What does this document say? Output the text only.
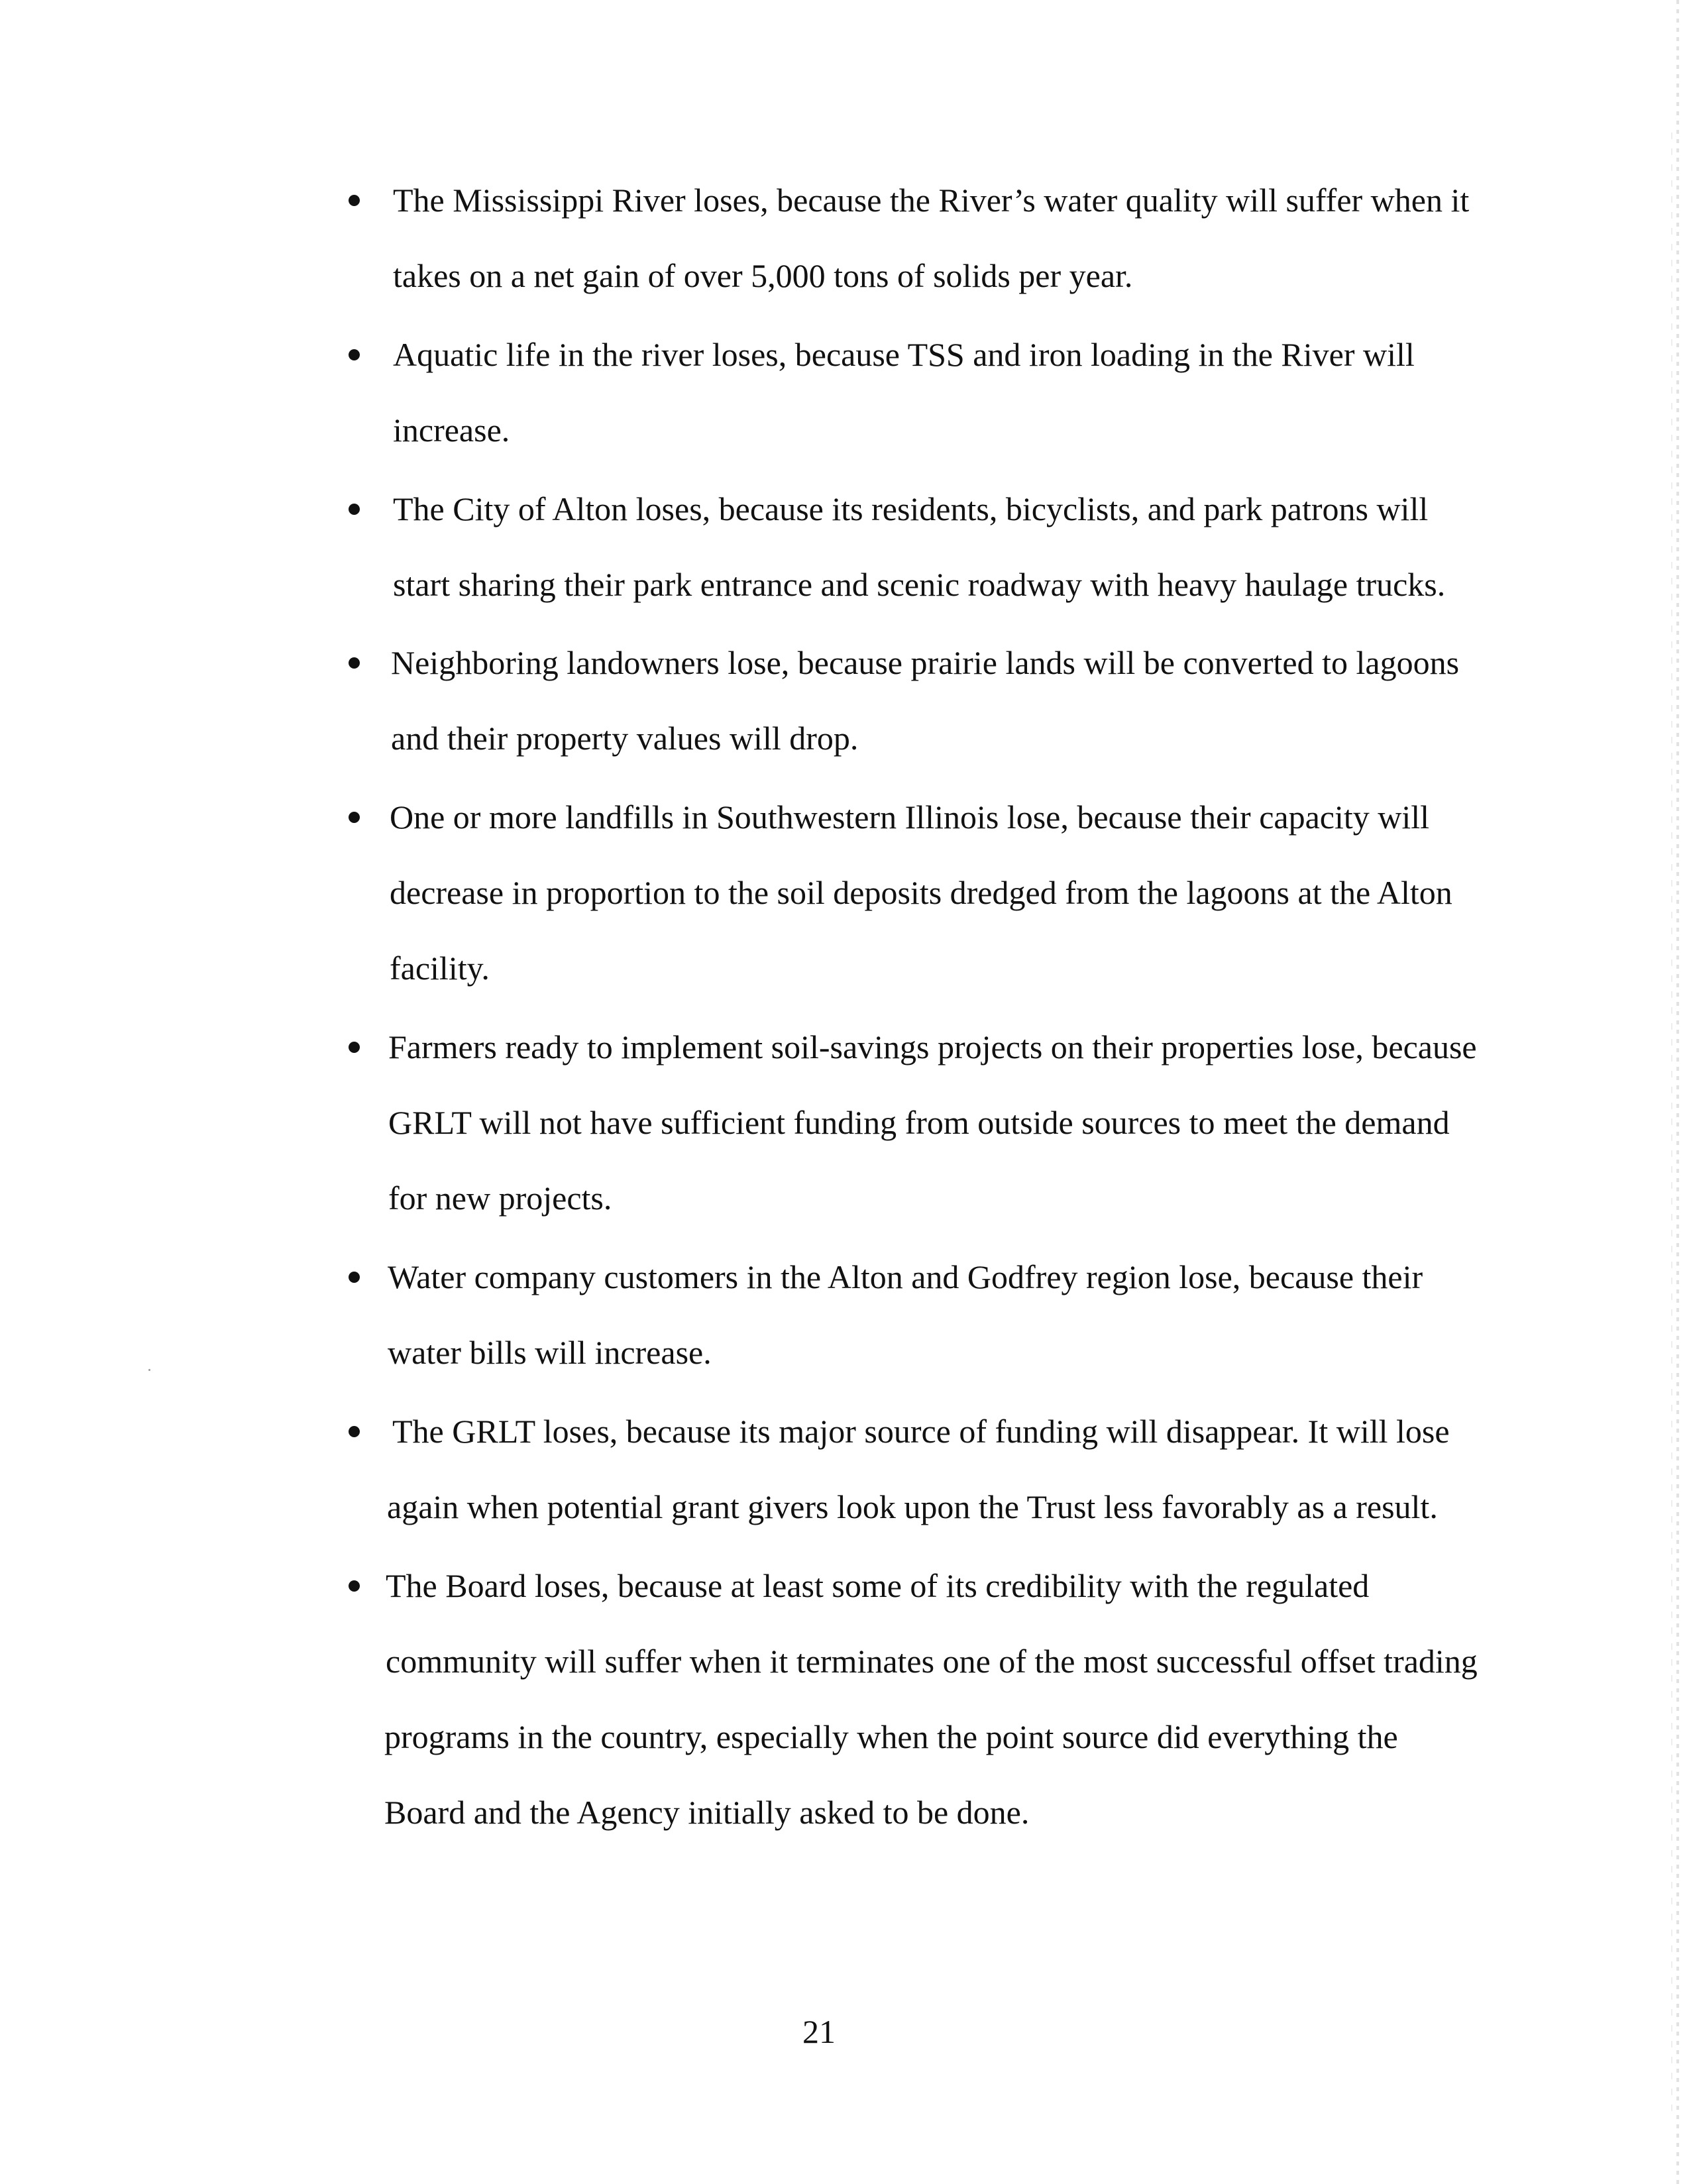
The Mississippi River loses, because the River’s water quality will suffer when it
takes on a net gain of over 5,000 tons of solids per year.
Aquatic life in the river loses, because TSS and iron loading in the River will
increase.
The City of Alton loses, because its residents, bicyclists, and park patrons will
start sharing their park entrance and scenic roadway with heavy haulage trucks.
Neighboring landowners lose, because prairie lands will be converted to lagoons
and their property values will drop.
One or more landfills in Southwestern Illinois lose, because their capacity will
decrease in proportion to the soil deposits dredged from the lagoons at the Alton
facility.
Farmers ready to implement soil-savings projects on their properties lose, because
GRLT will not have sufficient funding from outside sources to meet the demand
for new projects.
Water company customers in the Alton and Godfrey region lose, because their
water bills will increase.
The GRLT loses, because its major source of funding will disappear. It will lose
again when potential grant givers look upon the Trust less favorably as a result.
The Board loses, because at least some of its credibility with the regulated
community will suffer when it terminates one of the most successful offset trading
programs in the country, especially when the point source did everything the
Board and the Agency initially asked to be done.
21
